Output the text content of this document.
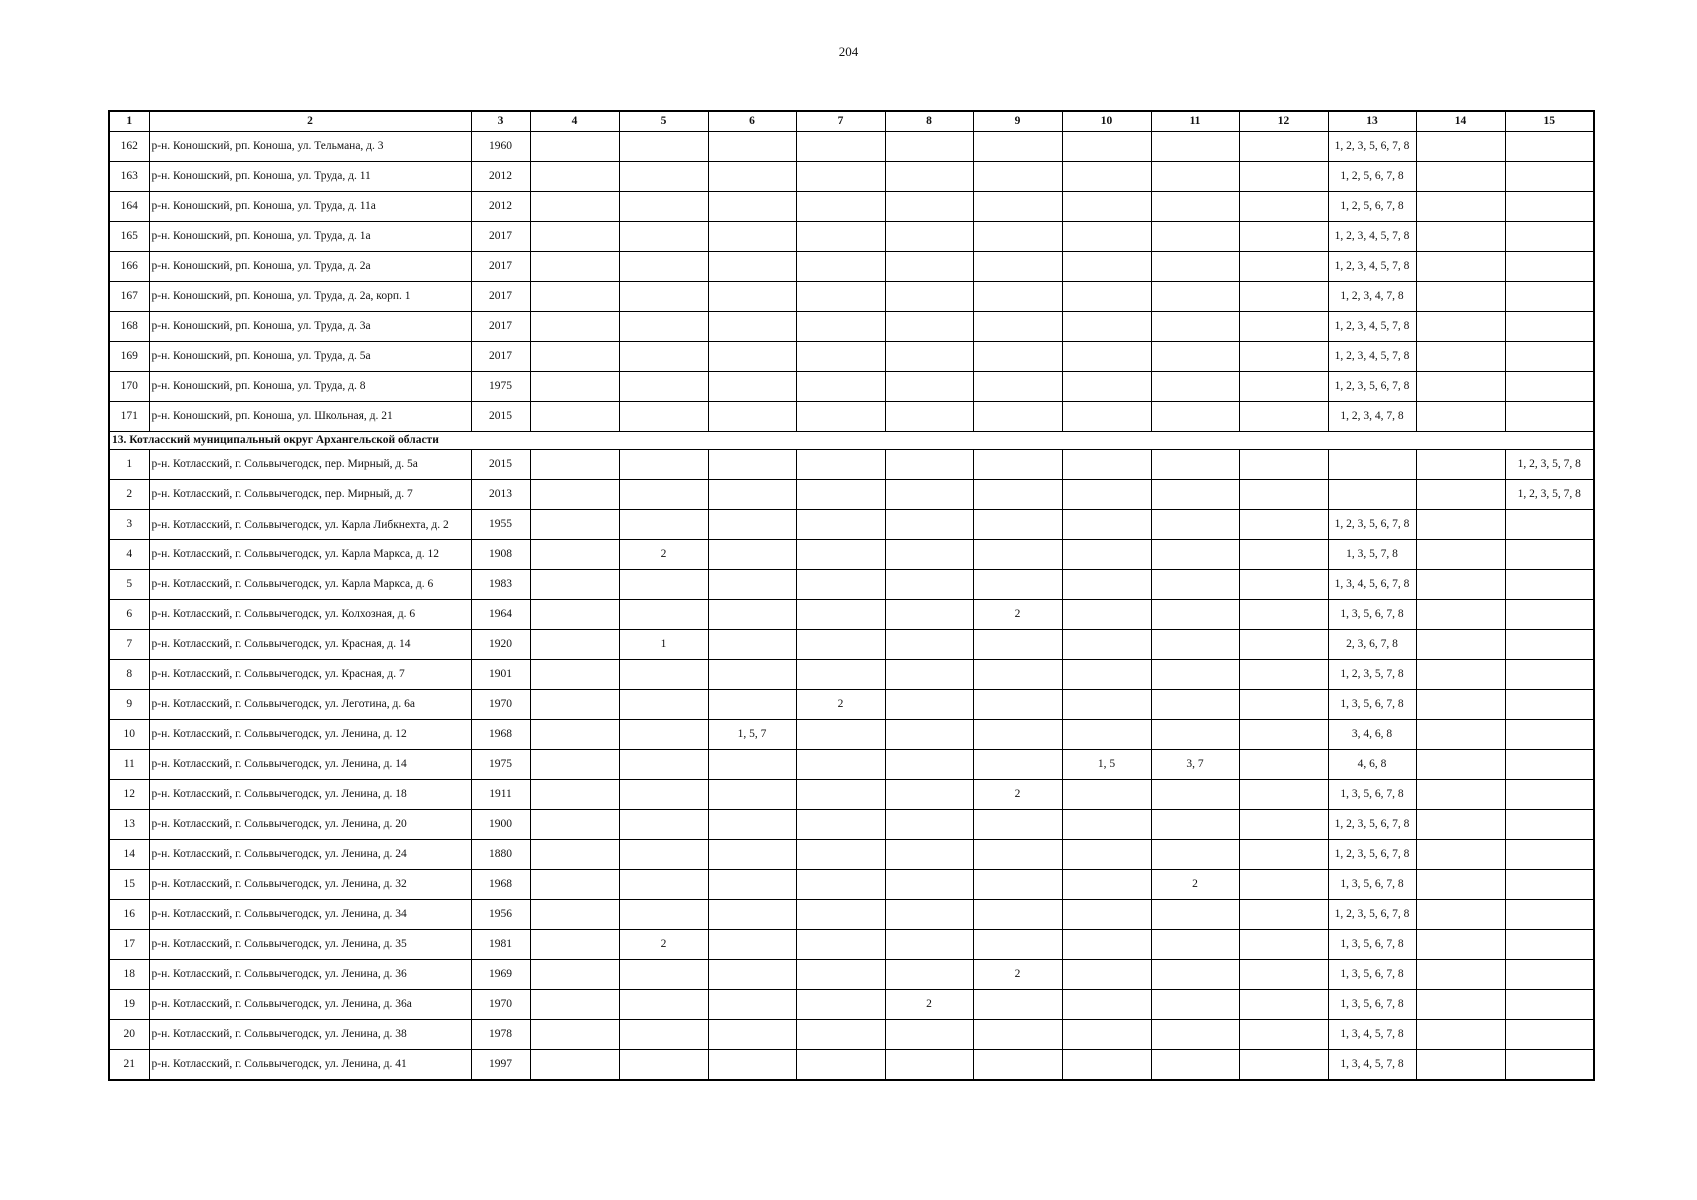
204
1	2	3	4	5	6	7	8	9	10	11	12	13	14	15
162	р-н. Коношский, рп. Коноша, ул. Тельмана, д. 3	1960										1, 2, 3, 5, 6, 7, 8		
163	р-н. Коношский, рп. Коноша, ул. Труда, д. 11	2012										1, 2, 5, 6, 7, 8		
164	р-н. Коношский, рп. Коноша, ул. Труда, д. 11а	2012										1, 2, 5, 6, 7, 8		
165	р-н. Коношский, рп. Коноша, ул. Труда, д. 1а	2017										1, 2, 3, 4, 5, 7, 8		
166	р-н. Коношский, рп. Коноша, ул. Труда, д. 2а	2017										1, 2, 3, 4, 5, 7, 8		
167	р-н. Коношский, рп. Коноша, ул. Труда, д. 2а, корп. 1	2017										1, 2, 3, 4, 7, 8		
168	р-н. Коношский, рп. Коноша, ул. Труда, д. 3а	2017										1, 2, 3, 4, 5, 7, 8		
169	р-н. Коношский, рп. Коноша, ул. Труда, д. 5а	2017										1, 2, 3, 4, 5, 7, 8		
170	р-н. Коношский, рп. Коноша, ул. Труда, д. 8	1975										1, 2, 3, 5, 6, 7, 8		
171	р-н. Коношский, рп. Коноша, ул. Школьная, д. 21	2015										1, 2, 3, 4, 7, 8		
13. Котласский муниципальный округ Архангельской области														
1	р-н. Котласский, г. Сольвычегодск, пер. Мирный, д. 5а	2015												1, 2, 3, 5, 7, 8
2	р-н. Котласский, г. Сольвычегодск, пер. Мирный, д. 7	2013												1, 2, 3, 5, 7, 8
3	р-н. Котласский, г. Сольвычегодск, ул. Карла Либкнехта, д. 2	1955										1, 2, 3, 5, 6, 7, 8		
4	р-н. Котласский, г. Сольвычегодск, ул. Карла Маркса, д. 12	1908		2								1, 3, 5, 7, 8		
5	р-н. Котласский, г. Сольвычегодск, ул. Карла Маркса, д. 6	1983										1, 3, 4, 5, 6, 7, 8		
6	р-н. Котласский, г. Сольвычегодск, ул. Колхозная, д. 6	1964						2				1, 3, 5, 6, 7, 8		
7	р-н. Котласский, г. Сольвычегодск, ул. Красная, д. 14	1920		1								2, 3, 6, 7, 8		
8	р-н. Котласский, г. Сольвычегодск, ул. Красная, д. 7	1901										1, 2, 3, 5, 7, 8		
9	р-н. Котласский, г. Сольвычегодск, ул. Леготина, д. 6а	1970				2						1, 3, 5, 6, 7, 8		
10	р-н. Котласский, г. Сольвычегодск, ул. Ленина, д. 12	1968			1, 5, 7							3, 4, 6, 8		
11	р-н. Котласский, г. Сольвычегодск, ул. Ленина, д. 14	1975							1, 5	3, 7		4, 6, 8		
12	р-н. Котласский, г. Сольвычегодск, ул. Ленина, д. 18	1911						2				1, 3, 5, 6, 7, 8		
13	р-н. Котласский, г. Сольвычегодск, ул. Ленина, д. 20	1900										1, 2, 3, 5, 6, 7, 8		
14	р-н. Котласский, г. Сольвычегодск, ул. Ленина, д. 24	1880										1, 2, 3, 5, 6, 7, 8		
15	р-н. Котласский, г. Сольвычегодск, ул. Ленина, д. 32	1968								2		1, 3, 5, 6, 7, 8		
16	р-н. Котласский, г. Сольвычегодск, ул. Ленина, д. 34	1956										1, 2, 3, 5, 6, 7, 8		
17	р-н. Котласский, г. Сольвычегодск, ул. Ленина, д. 35	1981		2								1, 3, 5, 6, 7, 8		
18	р-н. Котласский, г. Сольвычегодск, ул. Ленина, д. 36	1969						2				1, 3, 5, 6, 7, 8		
19	р-н. Котласский, г. Сольвычегодск, ул. Ленина, д. 36а	1970					2					1, 3, 5, 6, 7, 8		
20	р-н. Котласский, г. Сольвычегодск, ул. Ленина, д. 38	1978										1, 3, 4, 5, 7, 8		
21	р-н. Котласский, г. Сольвычегодск, ул. Ленина, д. 41	1997										1, 3, 4, 5, 7, 8		
